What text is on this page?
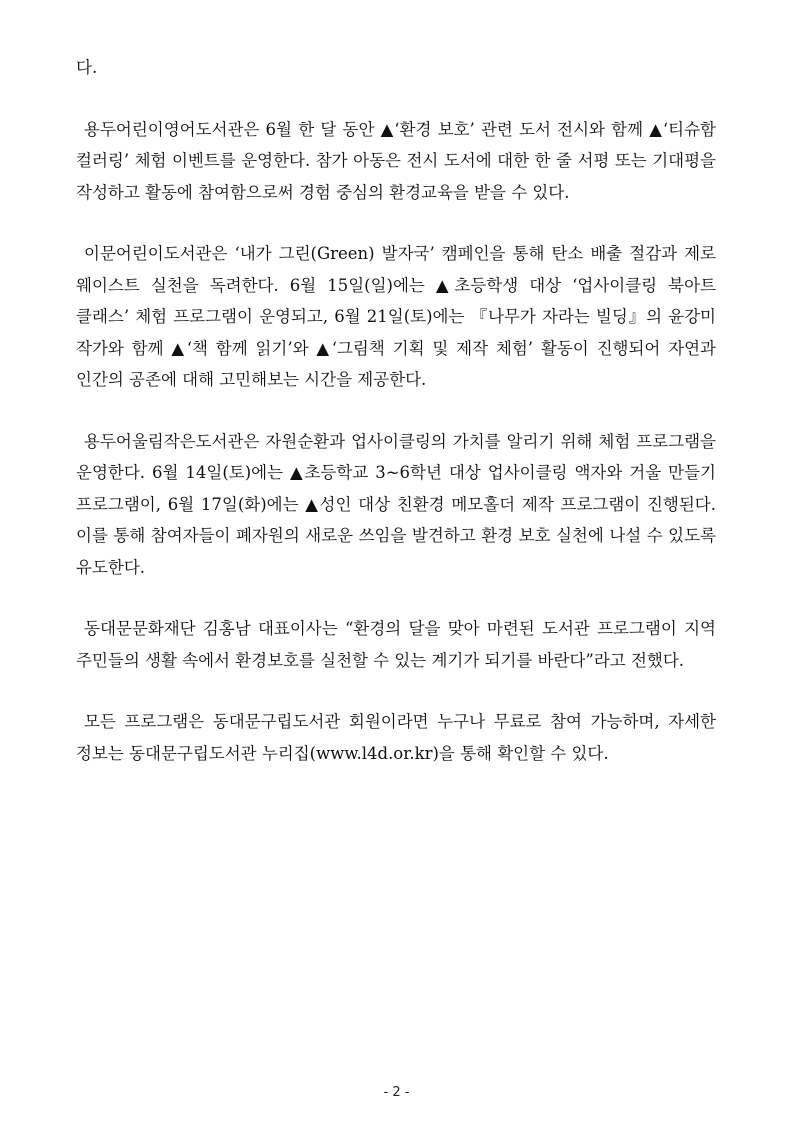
다.

용두어린이영어도서관은 6월 한 달 동안 ▲‘환경 보호’ 관련 도서 전시와 함께 ▲‘티슈함 컬러링’ 체험 이벤트를 운영한다. 참가 아동은 전시 도서에 대한 한 줄 서평 또는 기대평을 작성하고 활동에 참여함으로써 경험 중심의 환경교육을 받을 수 있다.

이문어린이도서관은 ‘내가 그린(Green) 발자국’ 캠페인을 통해 탄소 배출 절감과 제로 웨이스트 실천을 독려한다. 6월 15일(일)에는 ▲초등학생 대상 ‘업사이클링 북아트 클래스’ 체험 프로그램이 운영되고, 6월 21일(토)에는 『나무가 자라는 빌딩』의 윤강미 작가와 함께 ▲‘책 함께 읽기’와 ▲‘그림책 기획 및 제작 체험’ 활동이 진행되어 자연과 인간의 공존에 대해 고민해보는 시간을 제공한다.

용두어울림작은도서관은 자원순환과 업사이클링의 가치를 알리기 위해 체험 프로그램을 운영한다. 6월 14일(토)에는 ▲초등학교 3~6학년 대상 업사이클링 액자와 거울 만들기 프로그램이, 6월 17일(화)에는 ▲성인 대상 친환경 메모홀더 제작 프로그램이 진행된다. 이를 통해 참여자들이 폐자원의 새로운 쓰임을 발견하고 환경 보호 실천에 나설 수 있도록 유도한다.

동대문문화재단 김홍남 대표이사는 “환경의 달을 맞아 마련된 도서관 프로그램이 지역 주민들의 생활 속에서 환경보호를 실천할 수 있는 계기가 되기를 바란다”라고 전했다.

모든 프로그램은 동대문구립도서관 회원이라면 누구나 무료로 참여 가능하며, 자세한 정보는 동대문구립도서관 누리집(www.l4d.or.kr)을 통해 확인할 수 있다.

- 2 -
